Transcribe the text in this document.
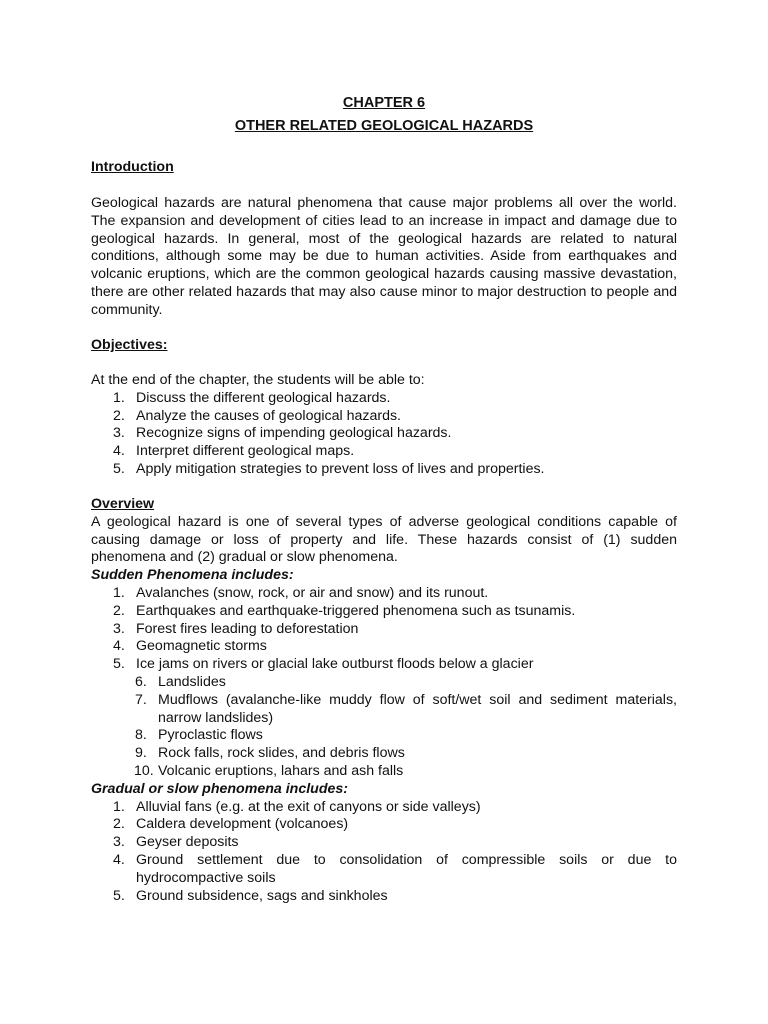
CHAPTER 6
OTHER RELATED GEOLOGICAL HAZARDS
Introduction

Geological hazards are natural phenomena that cause major problems all over the world. The expansion and development of cities lead to an increase in impact and damage due to geological hazards. In general, most of the geological hazards are related to natural conditions, although some may be due to human activities. Aside from earthquakes and volcanic eruptions, which are the common geological hazards causing massive devastation, there are other related hazards that may also cause minor to major destruction to people and community.

Objectives:
At the end of the chapter, the students will be able to:
1. Discuss the different geological hazards.
2. Analyze the causes of geological hazards.
3. Recognize signs of impending geological hazards.
4. Interpret different geological maps.
5. Apply mitigation strategies to prevent loss of lives and properties.
Overview

A geological hazard is one of several types of adverse geological conditions capable of causing damage or loss of property and life. These hazards consist of (1) sudden phenomena and (2) gradual or slow phenomena.

Sudden Phenomena includes:
1. Avalanches (snow, rock, or air and snow) and its runout.
2. Earthquakes and earthquake-triggered phenomena such as tsunamis.
3. Forest fires leading to deforestation
4. Geomagnetic storms
5. Ice jams on rivers or glacial lake outburst floods below a glacier
6. Landslides
7. Mudflows (avalanche-like muddy flow of soft/wet soil and sediment materials, narrow landslides)
8. Pyroclastic flows
9. Rock falls, rock slides, and debris flows
10. Volcanic eruptions, lahars and ash falls
Gradual or slow phenomena includes:
1. Alluvial fans (e.g. at the exit of canyons or side valleys)
2. Caldera development (volcanoes)
3. Geyser deposits
4. Ground settlement due to consolidation of compressible soils or due to hydrocompactive soils
5. Ground subsidence, sags and sinkholes
